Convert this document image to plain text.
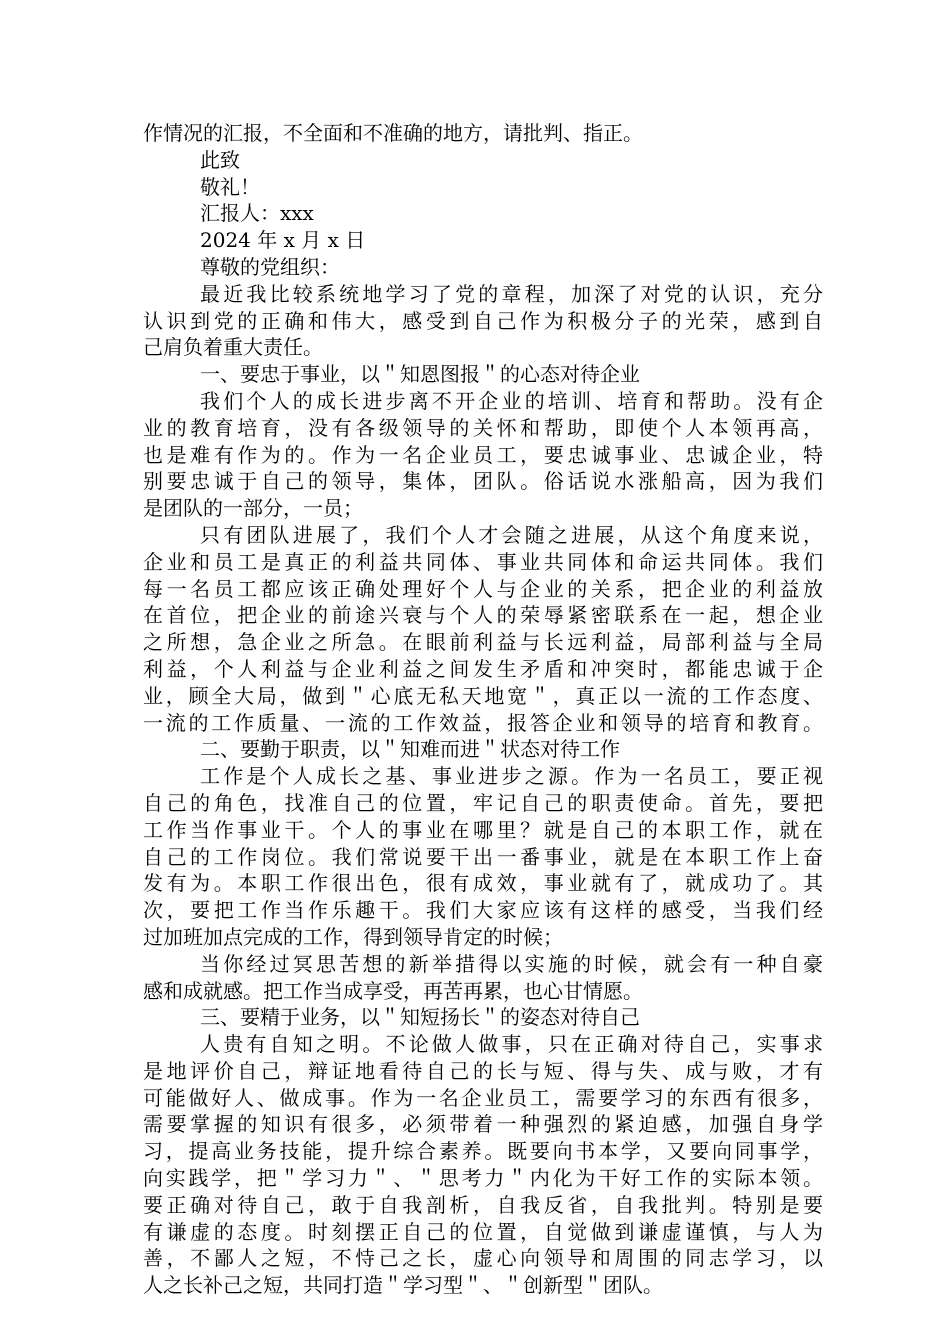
作情况的汇报，不全面和不准确的地方，请批判、指正。
此致
敬礼！
汇报人：xxx
2024 年 x 月 x 日
尊敬的党组织：
最近我比较系统地学习了党的章程，加深了对党的认识，充分
认识到党的正确和伟大，感受到自己作为积极分子的光荣，感到自
己肩负着重大责任。
一、要忠于事业，以＂知恩图报＂的心态对待企业
我们个人的成长进步离不开企业的培训、培育和帮助。没有企
业的教育培育，没有各级领导的关怀和帮助，即使个人本领再高，
也是难有作为的。作为一名企业员工，要忠诚事业、忠诚企业，特
别要忠诚于自己的领导，集体，团队。俗话说水涨船高，因为我们
是团队的一部分，一员；
只有团队进展了，我们个人才会随之进展，从这个角度来说，
企业和员工是真正的利益共同体、事业共同体和命运共同体。我们
每一名员工都应该正确处理好个人与企业的关系，把企业的利益放
在首位，把企业的前途兴衰与个人的荣辱紧密联系在一起，想企业
之所想，急企业之所急。在眼前利益与长远利益，局部利益与全局
利益，个人利益与企业利益之间发生矛盾和冲突时，都能忠诚于企
业，顾全大局，做到＂心底无私天地宽＂，真正以一流的工作态度、
一流的工作质量、一流的工作效益，报答企业和领导的培育和教育。
二、要勤于职责，以＂知难而进＂状态对待工作
工作是个人成长之基、事业进步之源。作为一名员工，要正视
自己的角色，找准自己的位置，牢记自己的职责使命。首先，要把
工作当作事业干。个人的事业在哪里？就是自己的本职工作，就在
自己的工作岗位。我们常说要干出一番事业，就是在本职工作上奋
发有为。本职工作很出色，很有成效，事业就有了，就成功了。其
次，要把工作当作乐趣干。我们大家应该有这样的感受，当我们经
过加班加点完成的工作，得到领导肯定的时候；
当你经过冥思苦想的新举措得以实施的时候，就会有一种自豪
感和成就感。把工作当成享受，再苦再累，也心甘情愿。
三、要精于业务，以＂知短扬长＂的姿态对待自己
人贵有自知之明。不论做人做事，只在正确对待自己，实事求
是地评价自己，辩证地看待自己的长与短、得与失、成与败，才有
可能做好人、做成事。作为一名企业员工，需要学习的东西有很多，
需要掌握的知识有很多，必须带着一种强烈的紧迫感，加强自身学
习，提高业务技能，提升综合素养。既要向书本学，又要向同事学，
向实践学，把＂学习力＂、＂思考力＂内化为干好工作的实际本领。
要正确对待自己，敢于自我剖析，自我反省，自我批判。特别是要
有谦虚的态度。时刻摆正自己的位置，自觉做到谦虚谨慎，与人为
善，不鄙人之短，不恃己之长，虚心向领导和周围的同志学习，以
人之长补己之短，共同打造＂学习型＂、＂创新型＂团队。
